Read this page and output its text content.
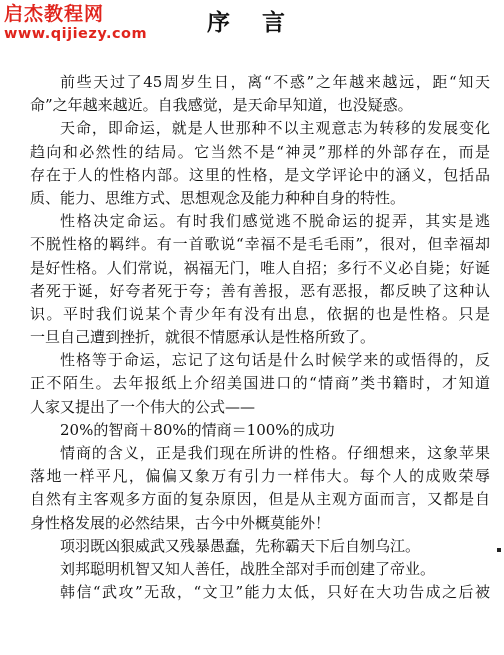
启杰教程网
www.qijiezy.com	序 言
前些天过了45周岁生日，离“不惑”之年越来越远，距“知天
命”之年越来越近。自我感觉，是天命早知道，也没疑惑。
天命，即命运，就是人世那种不以主观意志为转移的发展变化
趋向和必然性的结局。它当然不是“神灵”那样的外部存在，而是
存在于人的性格内部。这里的性格，是文学评论中的涵义，包括品
质、能力、思维方式、思想观念及能力种种自身的特性。
性格决定命运。有时我们感觉逃不脱命运的捉弄，其实是逃
不脱性格的羁绊。有一首歌说“幸福不是毛毛雨”，很对，但幸福却
是好性格。人们常说，祸福无门，唯人自招；多行不义必自毙；好诞
者死于诞，好夸者死于夸；善有善报，恶有恶报，都反映了这种认
识。平时我们说某个青少年有没有出息，依据的也是性格。只是
一旦自己遭到挫折，就很不情愿承认是性格所致了。
性格等于命运，忘记了这句话是什么时候学来的或悟得的，反
正不陌生。去年报纸上介绍美国进口的“情商”类书籍时，才知道
人家又提出了一个伟大的公式——
20%的智商＋80%的情商＝100%的成功
情商的含义，正是我们现在所讲的性格。仔细想来，这象苹果
落地一样平凡，偏偏又象万有引力一样伟大。每个人的成败荣辱
自然有主客观多方面的复杂原因，但是从主观方面而言，又都是自
身性格发展的必然结果，古今中外概莫能外！
项羽既凶狠威武又残暴愚蠢，先称霸天下后自刎乌江。
刘邦聪明机智又知人善任，战胜全部对手而创建了帝业。
韩信“武攻”无敌，“文卫”能力太低，只好在大功告成之后被
